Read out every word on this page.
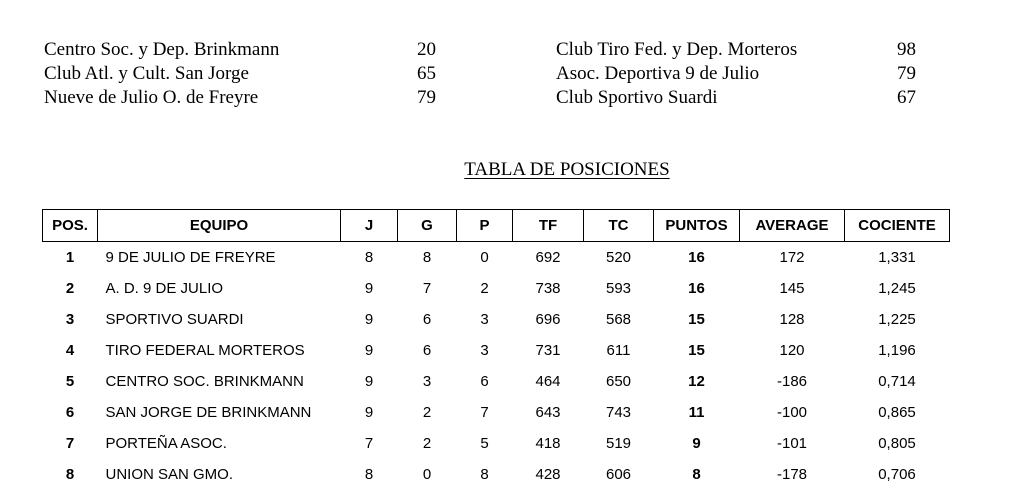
Centro Soc. y Dep. Brinkmann	20
Club Atl. y Cult. San Jorge	65
Nueve de Julio O. de Freyre	79
Club Tiro Fed. y Dep. Morteros	98
Asoc. Deportiva 9 de Julio	79
Club Sportivo Suardi	67
TABLA DE POSICIONES
POS.	EQUIPO	J	G	P	TF	TC	PUNTOS	AVERAGE	COCIENTE
1	9 DE JULIO DE FREYRE	8	8	0	692	520	16	172	1,331
2	A. D. 9 DE JULIO	9	7	2	738	593	16	145	1,245
3	SPORTIVO SUARDI	9	6	3	696	568	15	128	1,225
4	TIRO FEDERAL MORTEROS	9	6	3	731	611	15	120	1,196
5	CENTRO SOC. BRINKMANN	9	3	6	464	650	12	-186	0,714
6	SAN JORGE DE BRINKMANN	9	2	7	643	743	11	-100	0,865
7	PORTEÑA ASOC.	7	2	5	418	519	9	-101	0,805
8	UNION SAN GMO.	8	0	8	428	606	8	-178	0,706
